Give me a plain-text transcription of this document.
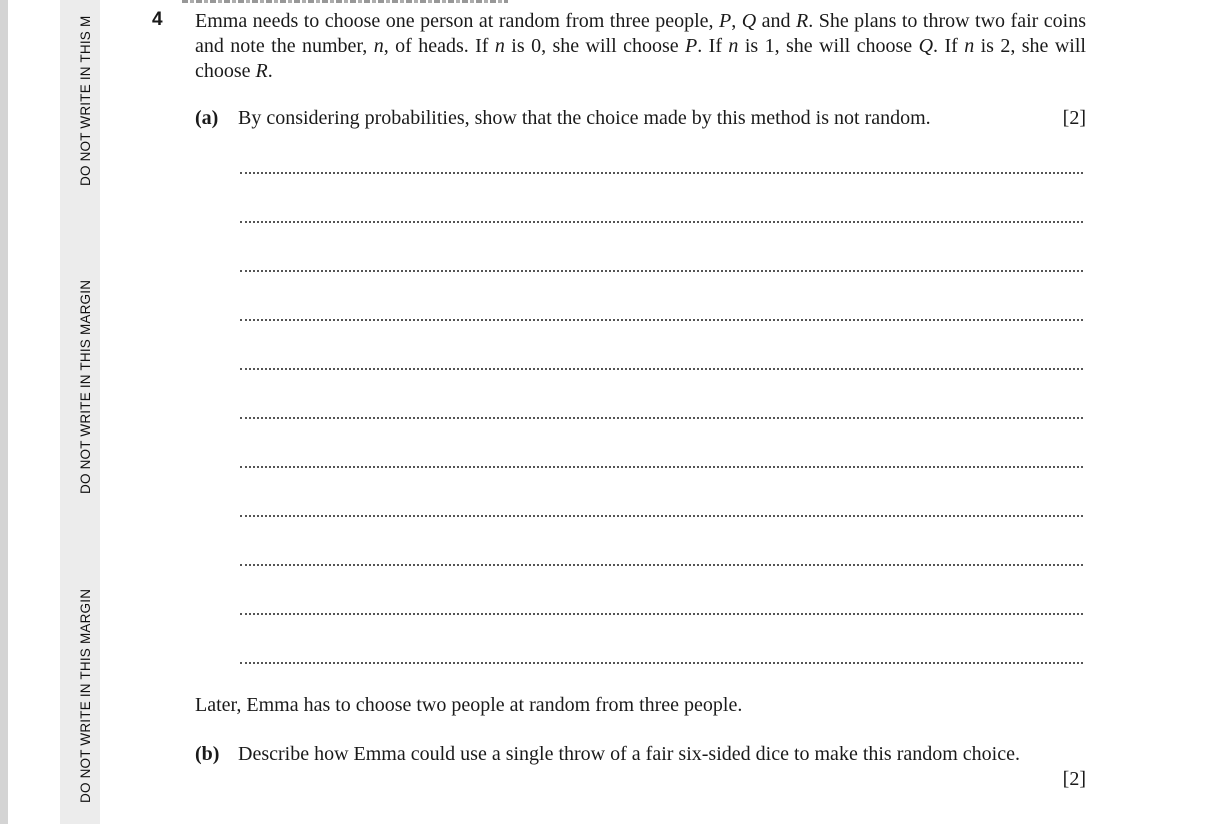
DO NOT WRITE IN THIS M
DO NOT WRITE IN THIS MARGIN
DO NOT WRITE IN THIS MARGIN
4 Emma needs to choose one person at random from three people, P, Q and R. She plans to throw two fair coins and note the number, n, of heads. If n is 0, she will choose P. If n is 1, she will choose Q. If n is 2, she will choose R.
(a) By considering probabilities, show that the choice made by this method is not random.	[2]
Later, Emma has to choose two people at random from three people.
(b) Describe how Emma could use a single throw of a fair six-sided dice to make this random choice.
[2]
